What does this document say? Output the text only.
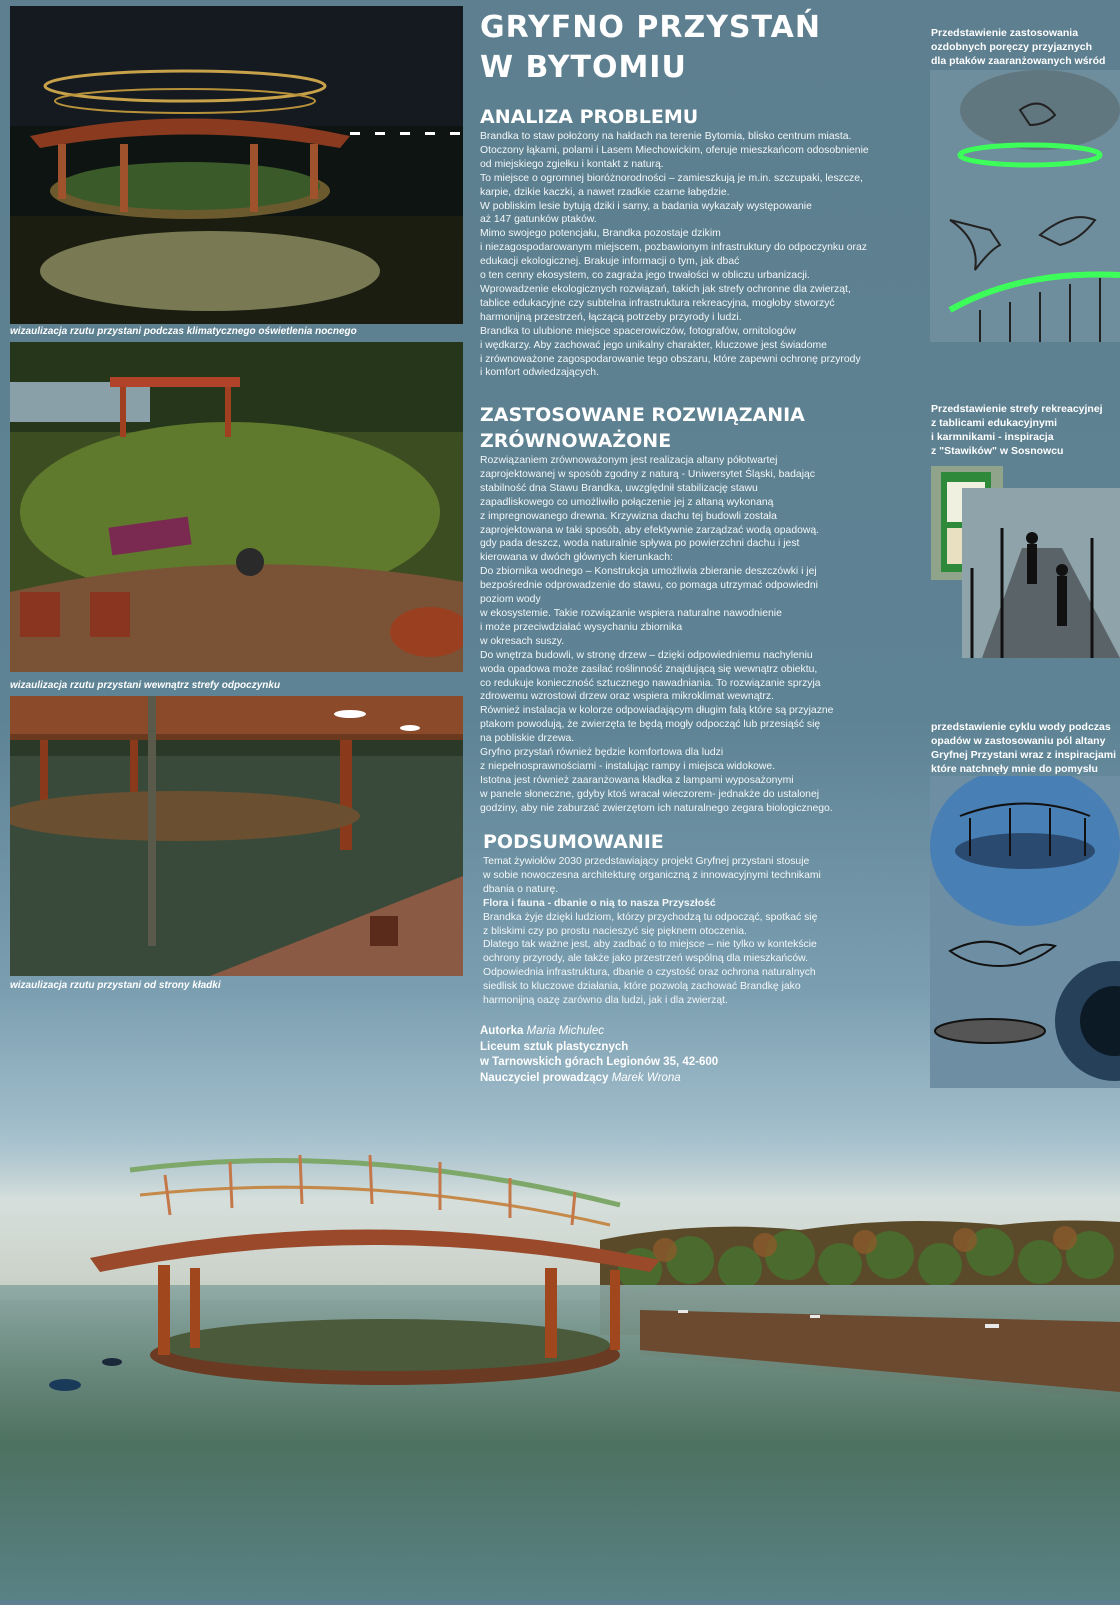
wizaulizacja rzutu przystani podczas klimatycznego oświetlenia nocnego
wizaulizacja rzutu przystani wewnątrz strefy odpoczynku
wizaulizacja rzutu przystani od strony kładki
GRYFNO PRZYSTAŃ
W BYTOMIU
ANALIZA PROBLEMU

Brandka to staw położony na hałdach na terenie Bytomia, blisko centrum miasta.
Otoczony łąkami, polami i Lasem Miechowickim, oferuje mieszkańcom odosobnienie
od miejskiego zgiełku i kontakt z naturą.
To miejsce o ogromnej bioróżnorodności – zamieszkują je m.in. szczupaki, leszcze,
karpie, dzikie kaczki, a nawet rzadkie czarne łabędzie.
W pobliskim lesie bytują dziki i sarny, a badania wykazały występowanie
aż 147 gatunków ptaków.
Mimo swojego potencjału, Brandka pozostaje dzikim
i niezagospodarowanym miejscem, pozbawionym infrastruktury do odpoczynku oraz
edukacji ekologicznej. Brakuje informacji o tym, jak dbać
o ten cenny ekosystem, co zagraża jego trwałości w obliczu urbanizacji.
Wprowadzenie ekologicznych rozwiązań, takich jak strefy ochronne dla zwierząt,
tablice edukacyjne czy subtelna infrastruktura rekreacyjna, mogłoby stworzyć
harmonijną przestrzeń, łączącą potrzeby przyrody i ludzi.
Brandka to ulubione miejsce spacerowiczów, fotografów, ornitologów
i wędkarzy. Aby zachować jego unikalny charakter, kluczowe jest świadome
i zrównoważone zagospodarowanie tego obszaru, które zapewni ochronę przyrody
i komfort odwiedzających.

ZASTOSOWANE ROZWIĄZANIA
ZRÓWNOWAŻONE

Rozwiązaniem zrównoważonym jest realizacja altany półotwartej
zaprojektowanej w sposób zgodny z naturą - Uniwersytet Śląski, badając
stabilność dna Stawu Brandka, uwzględnił stabilizację stawu
zapadliskowego co umożliwiło połączenie jej z altaną wykonaną
z impregnowanego drewna. Krzywizna dachu tej budowli została
zaprojektowana w taki sposób, aby efektywnie zarządzać wodą opadową.
gdy pada deszcz, woda naturalnie spływa po powierzchni dachu i jest
kierowana w dwóch głównych kierunkach:
Do zbiornika wodnego – Konstrukcja umożliwia zbieranie deszczówki i jej
bezpośrednie odprowadzenie do stawu, co pomaga utrzymać odpowiedni
poziom wody
w ekosystemie. Takie rozwiązanie wspiera naturalne nawodnienie
i może przeciwdziałać wysychaniu zbiornika
w okresach suszy.
Do wnętrza budowli, w stronę drzew – dzięki odpowiedniemu nachyleniu
woda opadowa może zasilać roślinność znajdującą się wewnątrz obiektu,
co redukuje konieczność sztucznego nawadniania. To rozwiązanie sprzyja
zdrowemu wzrostowi drzew oraz wspiera mikroklimat wewnątrz.
Również instalacja w kolorze odpowiadającym długim falą które są przyjazne
ptakom powodują, że zwierzęta te będą mogły odpocząć lub przesiąść się
na pobliskie drzewa.
Gryfno przystań również będzie komfortowa dla ludzi
z niepełnosprawnościami - instalując rampy i miejsca widokowe.
Istotna jest również zaaranżowana kładka z lampami wyposażonymi
w panele słoneczne, gdyby ktoś wracał wieczorem- jednakże do ustalonej
godziny, aby nie zaburzać zwierzętom ich naturalnego zegara biologicznego.

PODSUMOWANIE

Temat żywiołów 2030 przedstawiający projekt Gryfnej przystani stosuje
w sobie nowoczesna architekturę organiczną z innowacyjnymi technikami
dbania o naturę.

Flora i fauna - dbanie o nią to nasza Przyszłość

Brandka żyje dzięki ludziom, którzy przychodzą tu odpocząć, spotkać się
z bliskimi czy po prostu nacieszyć się pięknem otoczenia.
Dlatego tak ważne jest, aby zadbać o to miejsce – nie tylko w kontekście
ochrony przyrody, ale także jako przestrzeń wspólną dla mieszkańców.
Odpowiednia infrastruktura, dbanie o czystość oraz ochrona naturalnych
siedlisk to kluczowe działania, które pozwolą zachować Brandkę jako
harmonijną oazę zarówno dla ludzi, jak i dla zwierząt.

Autorka Maria Michulec
Liceum sztuk plastycznych
w Tarnowskich górach Legionów 35, 42-600
Nauczyciel prowadzący Marek Wrona
Przedstawienie zastosowania
ozdobnych poręczy przyjaznych
dla ptaków zaaranżowanych wśród

Przedstawienie strefy rekreacyjnej
z tablicami edukacyjnymi
i karmnikami - inspiracja
z "Stawików" w Sosnowcu
przedstawienie cyklu wody podczas
opadów w zastosowaniu pól altany
Gryfnej Przystani wraz z inspiracjami
które natchnęły mnie do pomysłu
